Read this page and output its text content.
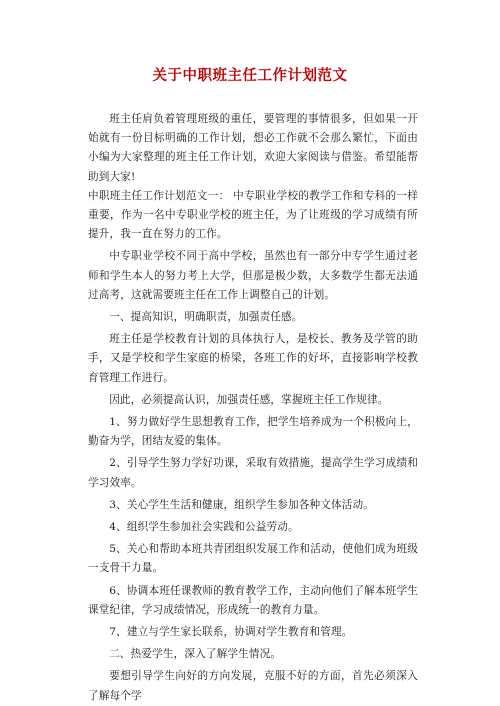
关于中职班主任工作计划范文

班主任肩负着管理班级的重任，要管理的事情很多，但如果一开始就有一份目标明确的工作计划，想必工作就不会那么繁忙，下面由小编为大家整理的班主任工作计划，欢迎大家阅读与借鉴。希望能帮助到大家!

中职班主任工作计划范文一： 中专职业学校的教学工作和专科的一样重要，作为一名中专职业学校的班主任，为了让班级的学习成绩有所提升，我一直在努力的工作。

中专职业学校不同于高中学校，虽然也有一部分中专学生通过老师和学生本人的努力考上大学，但那是极少数，大多数学生都无法通过高考，这就需要班主任在工作上调整自己的计划。

一、提高知识，明确职责，加强责任感。

班主任是学校教育计划的具体执行人，是校长、教务及学管的助手，又是学校和学生家庭的桥梁，各班工作的好坏，直接影响学校教育管理工作进行。

因此，必须提高认识，加强责任感，掌握班主任工作规律。

1、努力做好学生思想教育工作，把学生培养成为一个积极向上，勤奋为学，团结友爱的集体。

2、引导学生努力学好功课，采取有效措施，提高学生学习成绩和学习效率。

3、关心学生生活和健康，组织学生参加各种文体活动。

4、组织学生参加社会实践和公益劳动。

5、关心和帮助本班共青团组织发展工作和活动，使他们成为班级一支骨干力量。

6、协调本班任课教师的教育教学工作，主动向他们了解本班学生课堂纪律，学习成绩情况，形成统一的教育力量。

7、建立与学生家长联系，协调对学生教育和管理。

二、热爱学生，深入了解学生情况。

要想引导学生向好的方向发展，克服不好的方面，首先必须深入了解每个学

1
